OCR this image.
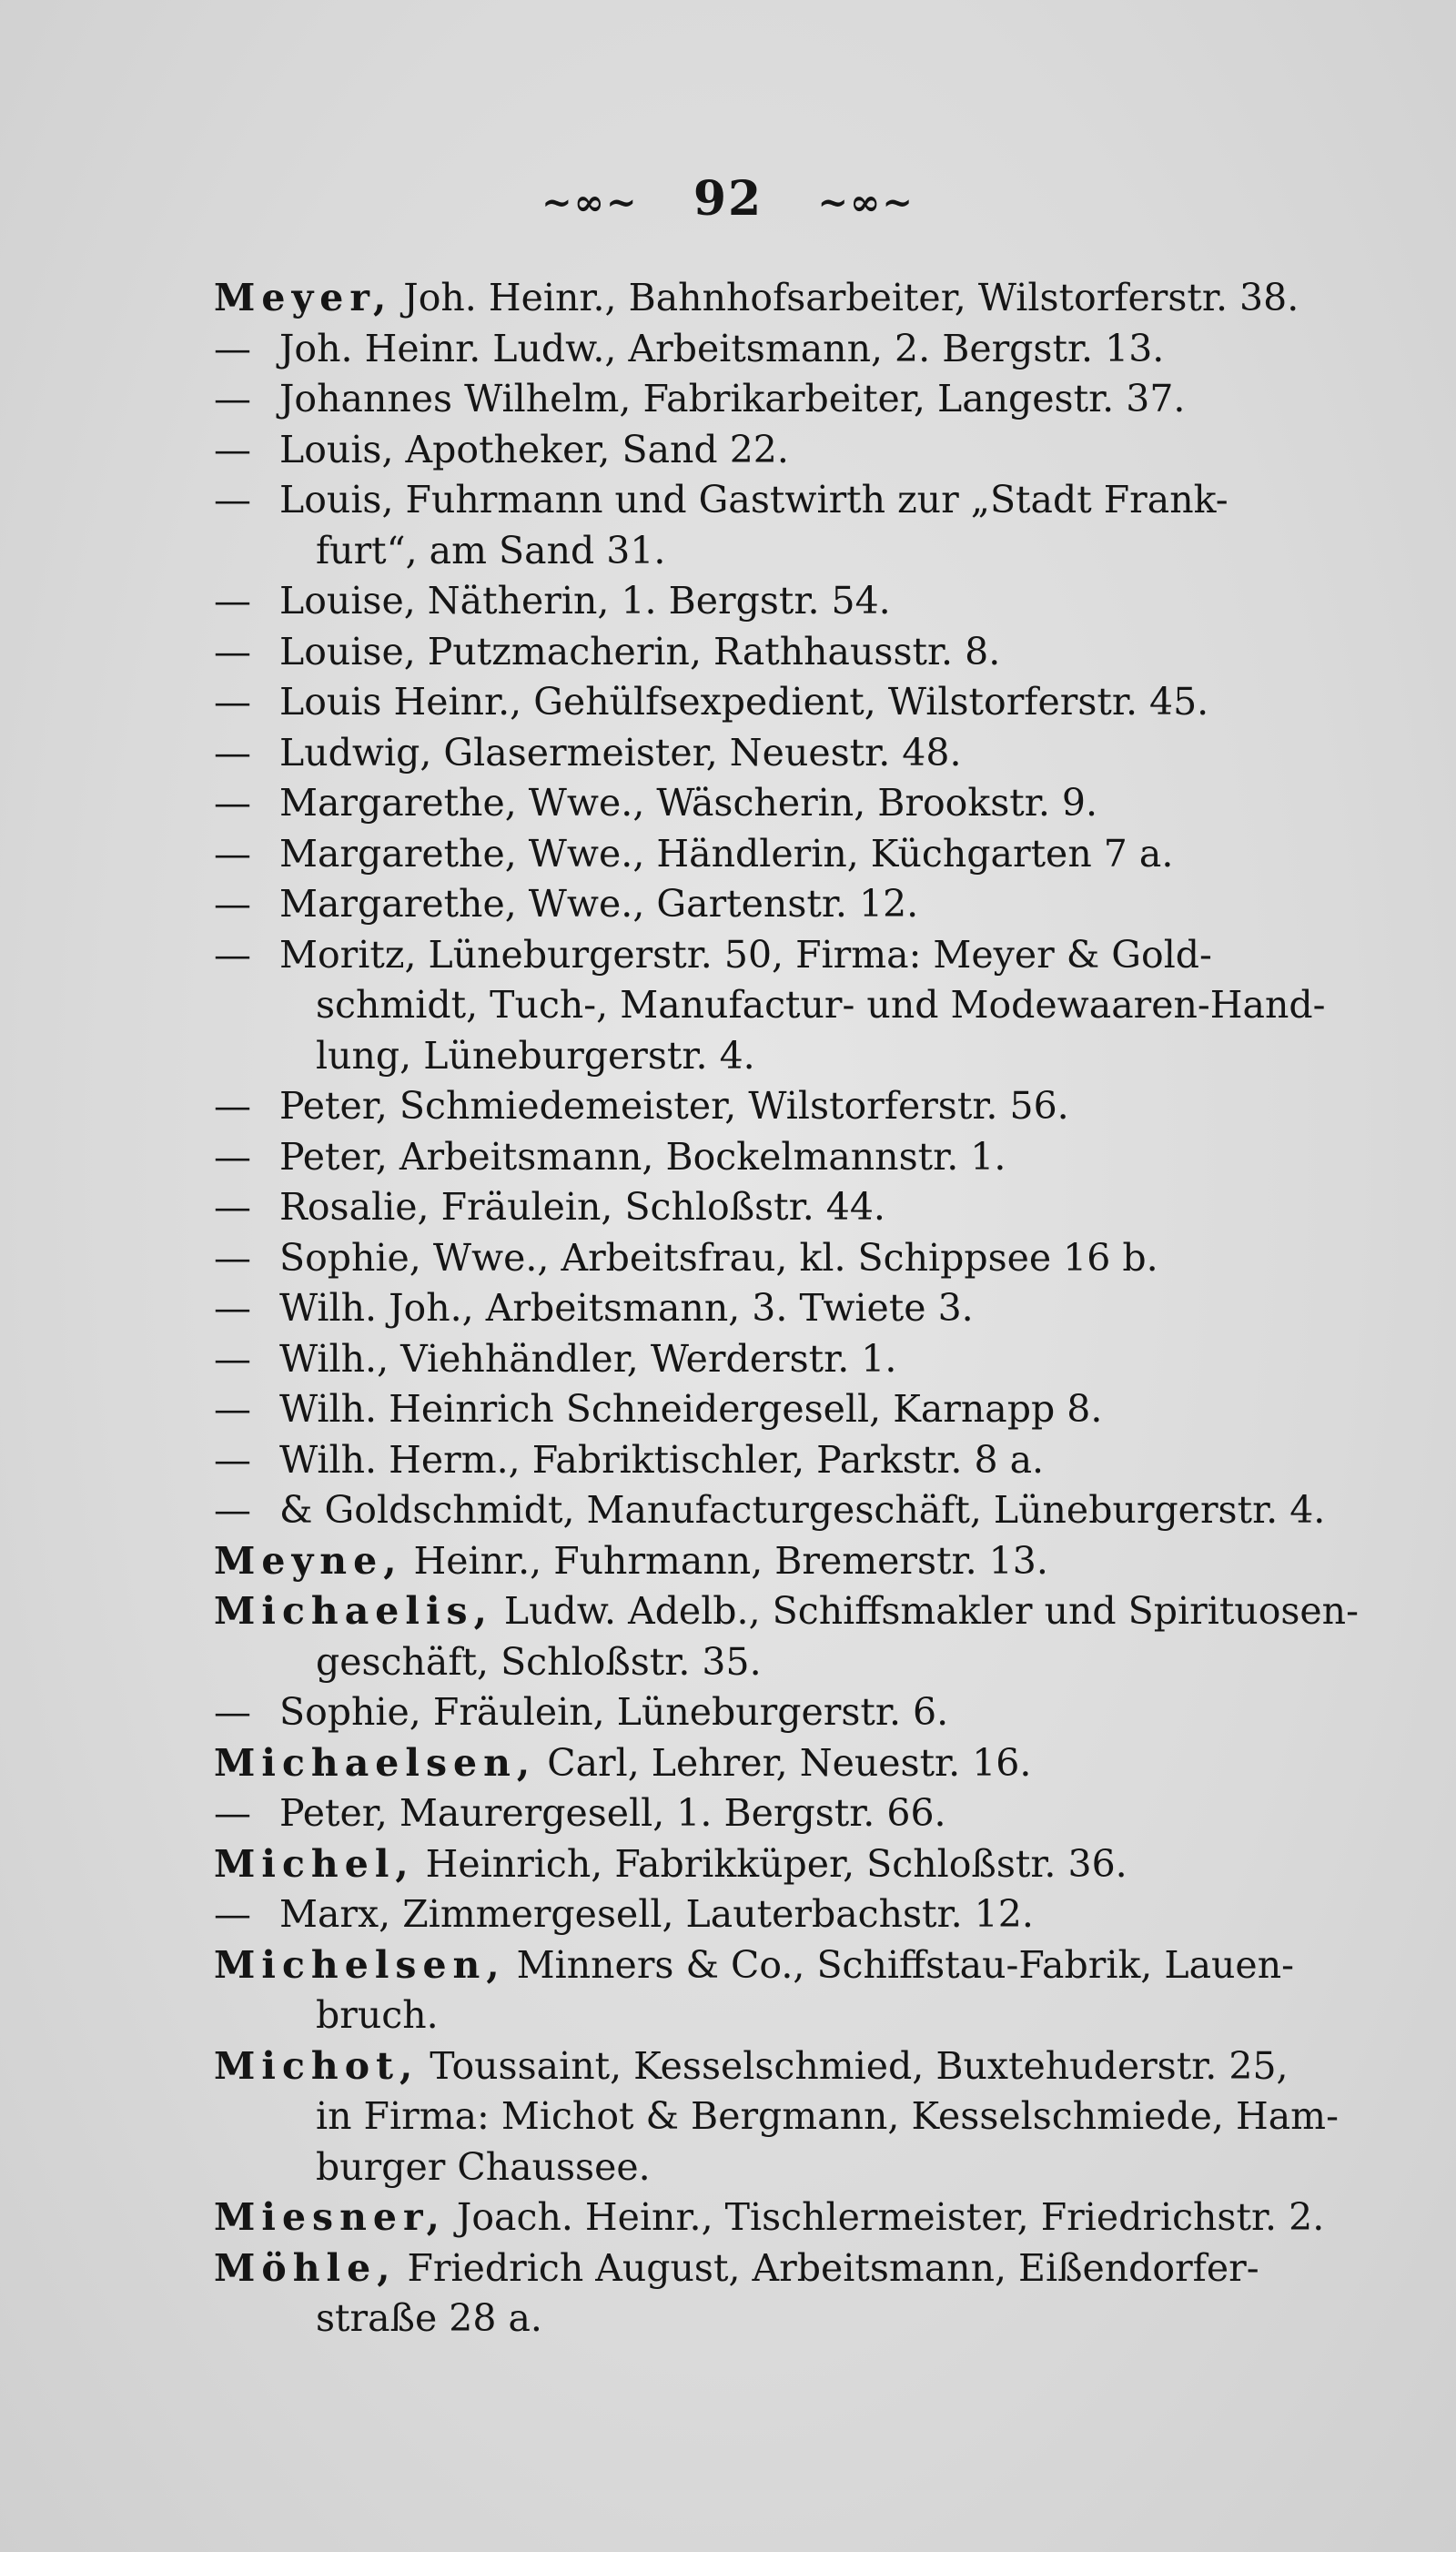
~∞~ 92 ~∞~
Meyer, Joh. Heinr., Bahnhofsarbeiter, Wilstorferstr. 38.
— Joh. Heinr. Ludw., Arbeitsmann, 2. Bergstr. 13.
— Johannes Wilhelm, Fabrikarbeiter, Langestr. 37.
— Louis, Apotheker, Sand 22.
— Louis, Fuhrmann und Gastwirth zur „Stadt Frank-
furt“, am Sand 31.
— Louise, Nätherin, 1. Bergstr. 54.
— Louise, Putzmacherin, Rathhausstr. 8.
— Louis Heinr., Gehülfsexpedient, Wilstorferstr. 45.
— Ludwig, Glasermeister, Neuestr. 48.
— Margarethe, Wwe., Wäscherin, Brookstr. 9.
— Margarethe, Wwe., Händlerin, Küchgarten 7 a.
— Margarethe, Wwe., Gartenstr. 12.
— Moritz, Lüneburgerstr. 50, Firma: Meyer & Gold-
schmidt, Tuch-, Manufactur- und Modewaaren-Hand-
lung, Lüneburgerstr. 4.
— Peter, Schmiedemeister, Wilstorferstr. 56.
— Peter, Arbeitsmann, Bockelmannstr. 1.
— Rosalie, Fräulein, Schloßstr. 44.
— Sophie, Wwe., Arbeitsfrau, kl. Schippsee 16 b.
— Wilh. Joh., Arbeitsmann, 3. Twiete 3.
— Wilh., Viehhändler, Werderstr. 1.
— Wilh. Heinrich Schneidergesell, Karnapp 8.
— Wilh. Herm., Fabriktischler, Parkstr. 8 a.
— & Goldschmidt, Manufacturgeschäft, Lüneburgerstr. 4.
Meyne, Heinr., Fuhrmann, Bremerstr. 13.
Michaelis, Ludw. Adelb., Schiffsmakler und Spirituosen-
geschäft, Schloßstr. 35.
— Sophie, Fräulein, Lüneburgerstr. 6.
Michaelsen, Carl, Lehrer, Neuestr. 16.
— Peter, Maurergesell, 1. Bergstr. 66.
Michel, Heinrich, Fabrikküper, Schloßstr. 36.
— Marx, Zimmergesell, Lauterbachstr. 12.
Michelsen, Minners & Co., Schiffstau-Fabrik, Lauen-
bruch.
Michot, Toussaint, Kesselschmied, Buxtehuderstr. 25,
in Firma: Michot & Bergmann, Kesselschmiede, Ham-
burger Chaussee.
Miesner, Joach. Heinr., Tischlermeister, Friedrichstr. 2.
Möhle, Friedrich August, Arbeitsmann, Eißendorfer-
straße 28 a.
